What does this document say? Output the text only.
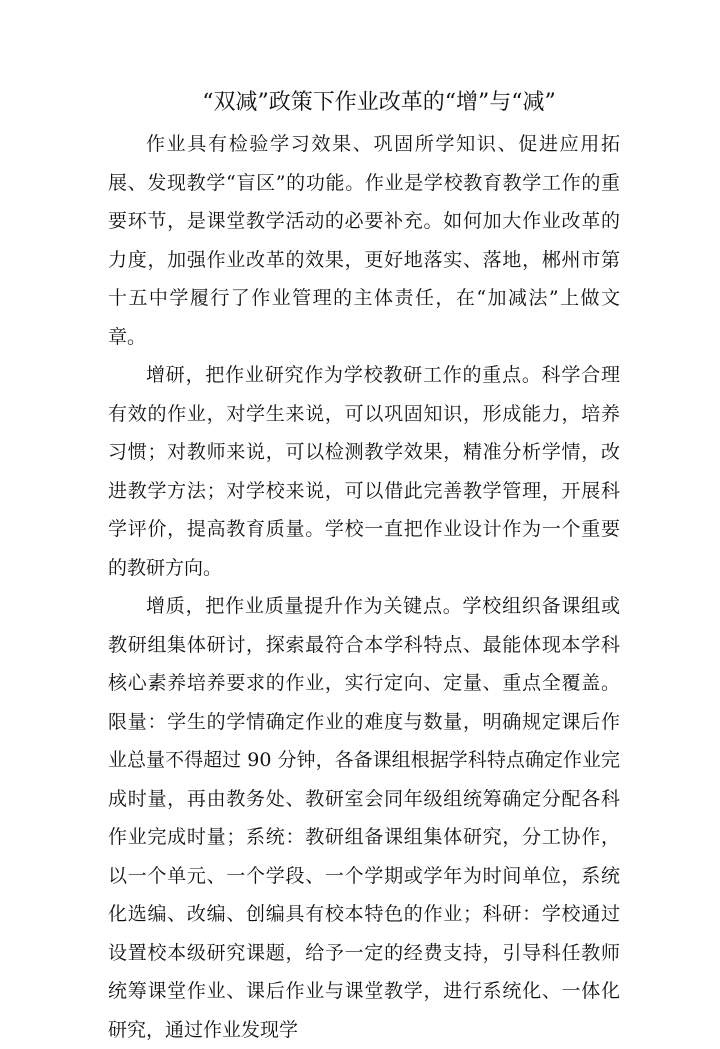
“双减”政策下作业改革的“增”与“减”

作业具有检验学习效果、巩固所学知识、促进应用拓展、发现教学“盲区”的功能。作业是学校教育教学工作的重要环节，是课堂教学活动的必要补充。如何加大作业改革的力度，加强作业改革的效果，更好地落实、落地，郴州市第十五中学履行了作业管理的主体责任，在“加减法”上做文章。

增研，把作业研究作为学校教研工作的重点。科学合理有效的作业，对学生来说，可以巩固知识，形成能力，培养习惯；对教师来说，可以检测教学效果，精准分析学情，改进教学方法；对学校来说，可以借此完善教学管理，开展科学评价，提高教育质量。学校一直把作业设计作为一个重要的教研方向。

增质，把作业质量提升作为关键点。学校组织备课组或教研组集体研讨，探索最符合本学科特点、最能体现本学科核心素养培养要求的作业，实行定向、定量、重点全覆盖。限量：学生的学情确定作业的难度与数量，明确规定课后作业总量不得超过 90 分钟，各备课组根据学科特点确定作业完成时量，再由教务处、教研室会同年级组统筹确定分配各科作业完成时量；系统：教研组备课组集体研究，分工协作，以一个单元、一个学段、一个学期或学年为时间单位，系统化选编、改编、创编具有校本特色的作业；科研：学校通过设置校本级研究课题，给予一定的经费支持，引导科任教师统筹课堂作业、课后作业与课堂教学，进行系统化、一体化研究，通过作业发现学
